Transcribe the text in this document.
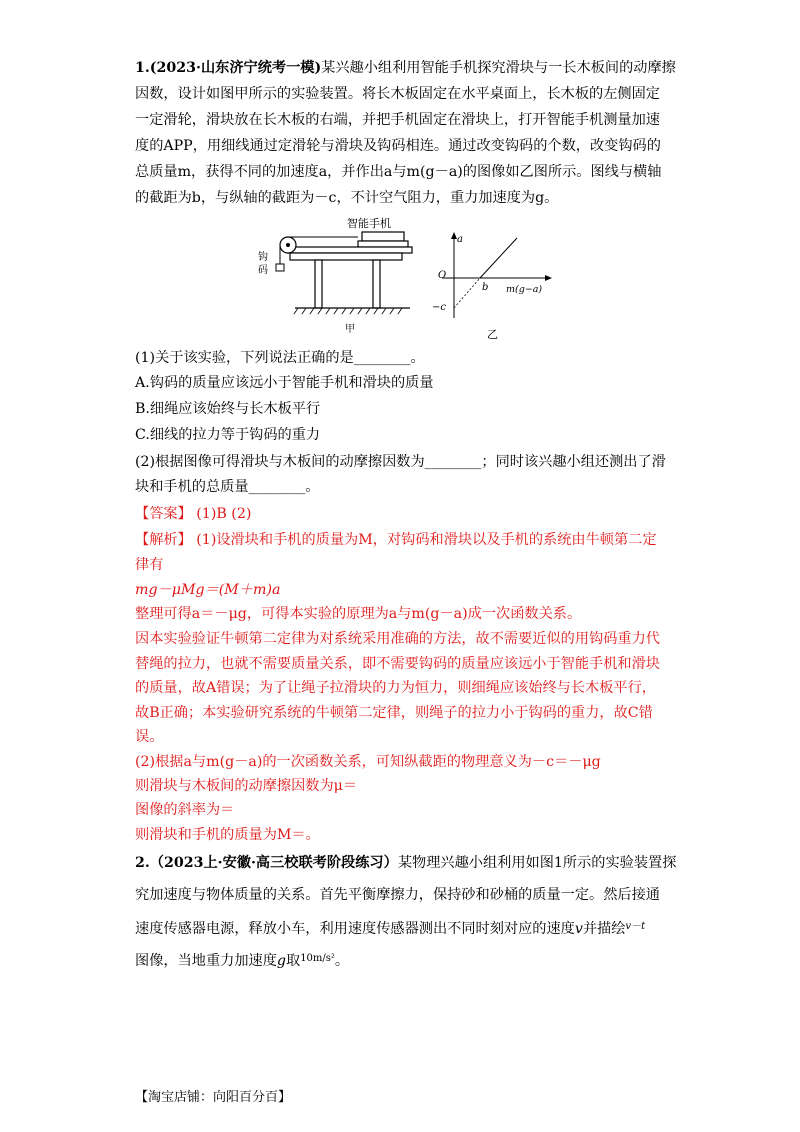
1.(2023·山东济宁统考一模)某兴趣小组利用智能手机探究滑块与一长木板间的动摩擦
因数，设计如图甲所示的实验装置。将长木板固定在水平桌面上，长木板的左侧固定
一定滑轮，滑块放在长木板的右端，并把手机固定在滑块上，打开智能手机测量加速
度的APP，用细线通过定滑轮与滑块及钩码相连。通过改变钩码的个数，改变钩码的
总质量m，获得不同的加速度a，并作出a与m(g－a)的图像如乙图所示。图线与横轴
的截距为b，与纵轴的截距为－c，不计空气阻力，重力加速度为g。
智能手机
钩
码
甲
a
O
b m(g−a)
−c
乙
(1)关于该实验，下列说法正确的是________。
A.钩码的质量应该远小于智能手机和滑块的质量
B.细绳应该始终与长木板平行
C.细线的拉力等于钩码的重力
(2)根据图像可得滑块与木板间的动摩擦因数为________；同时该兴趣小组还测出了滑
块和手机的总质量________。
【答案】 (1)B (2)
【解析】 (1)设滑块和手机的质量为M，对钩码和滑块以及手机的系统由牛顿第二定
律有
mg－μMg＝(M＋m)a
整理可得a＝－μg，可得本实验的原理为a与m(g－a)成一次函数关系。
因本实验验证牛顿第二定律为对系统采用准确的方法，故不需要近似的用钩码重力代
替绳的拉力，也就不需要质量关系，即不需要钩码的质量应该远小于智能手机和滑块
的质量，故A错误；为了让绳子拉滑块的力为恒力，则细绳应该始终与长木板平行，
故B正确；本实验研究系统的牛顿第二定律，则绳子的拉力小于钩码的重力，故C错
误。
(2)根据a与m(g－a)的一次函数关系，可知纵截距的物理意义为－c＝－μg
则滑块与木板间的动摩擦因数为μ＝
图像的斜率为＝
则滑块和手机的质量为M＝。
2.（2023上·安徽·高三校联考阶段练习）某物理兴趣小组利用如图1所示的实验装置探
究加速度与物体质量的关系。首先平衡摩擦力，保持砂和砂桶的质量一定。然后接通
速度传感器电源，释放小车，利用速度传感器测出不同时刻对应的速度v并描绘$^{v-t}$
图像，当地重力加速度g取$^{10m/s^2}$。
【淘宝店铺：向阳百分百】
